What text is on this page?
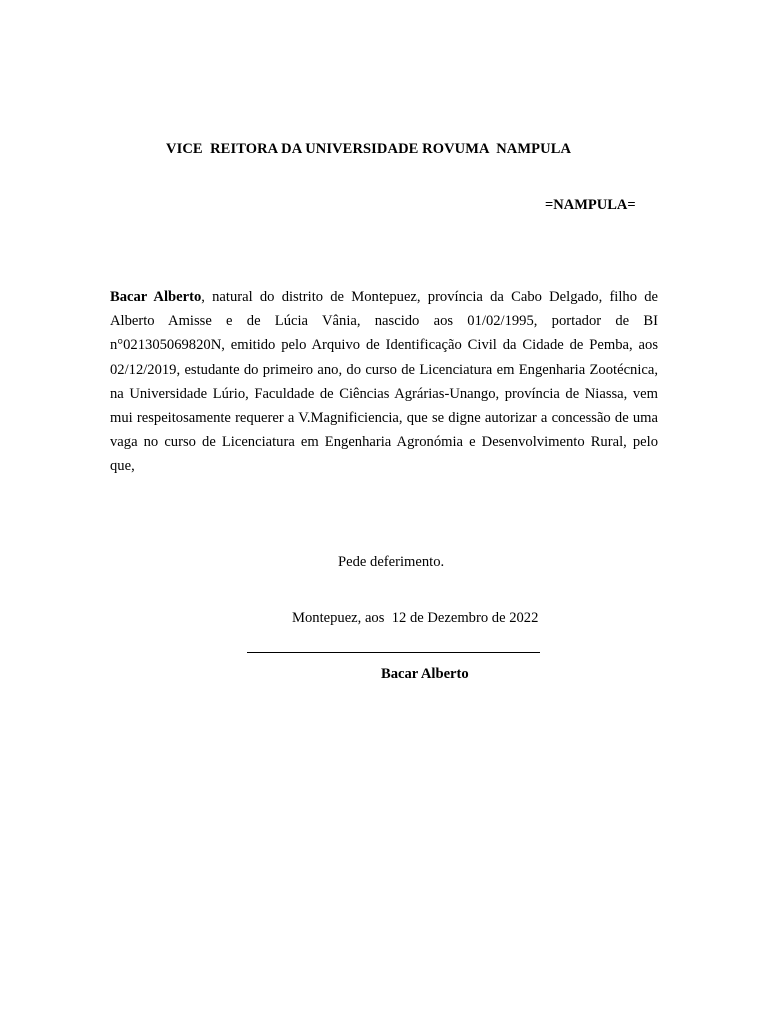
VICE  REITORA DA UNIVERSIDADE ROVUMA  NAMPULA
=NAMPULA=
Bacar Alberto, natural do distrito de Montepuez, província da Cabo Delgado, filho de Alberto Amisse e de Lúcia Vânia, nascido aos 01/02/1995, portador de BI n°021305069820N, emitido pelo Arquivo de Identificação Civil da Cidade de Pemba, aos 02/12/2019, estudante do primeiro ano, do curso de Licenciatura em Engenharia Zootécnica, na Universidade Lúrio, Faculdade de Ciências Agrárias-Unango, província de Niassa, vem mui respeitosamente requerer a V.Magnificiencia, que se digne autorizar a concessão de uma vaga no curso de Licenciatura em Engenharia Agronómia e Desenvolvimento Rural, pelo que,
Pede deferimento.
Montepuez, aos  12 de Dezembro de 2022
Bacar Alberto
